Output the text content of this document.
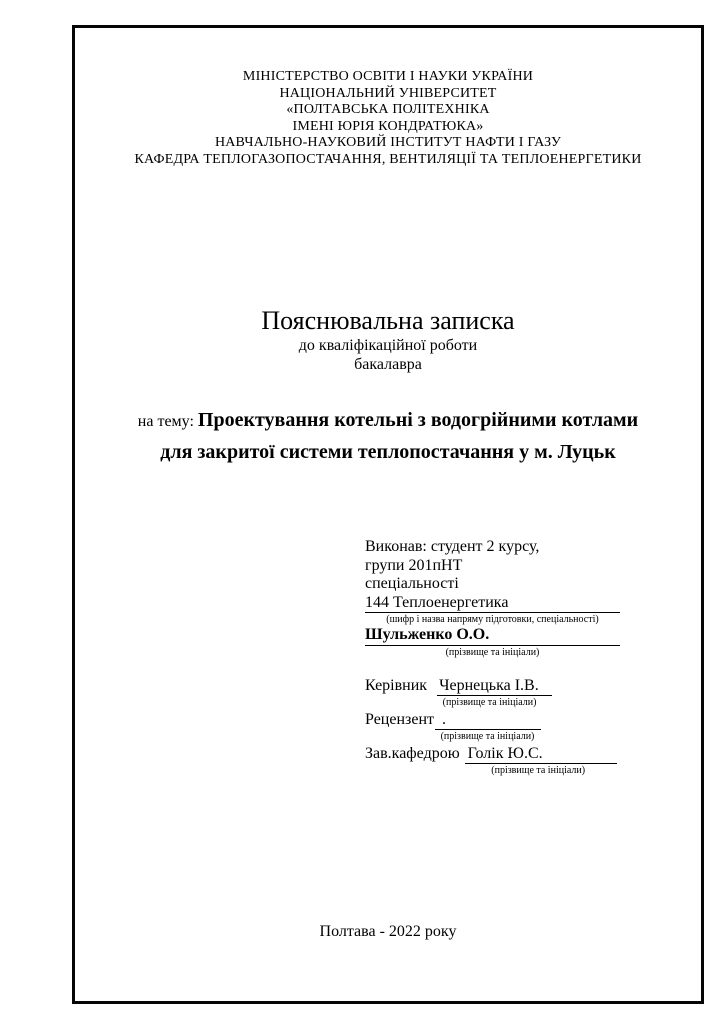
МІНІСТЕРСТВО ОСВІТИ І НАУКИ УКРАЇНИ
НАЦІОНАЛЬНИЙ УНІВЕРСИТЕТ
«ПОЛТАВСЬКА ПОЛІТЕХНІКА
ІМЕНІ ЮРІЯ КОНДРАТЮКА»
НАВЧАЛЬНО-НАУКОВИЙ ІНСТИТУТ НАФТИ І ГАЗУ
КАФЕДРА ТЕПЛОГАЗОПОСТАЧАННЯ, ВЕНТИЛЯЦІЇ ТА ТЕПЛОЕНЕРГЕТИКИ
Пояснювальна записка
до кваліфікаційної роботи
бакалавра
на тему: Проектування котельні з водогрійними котлами
для закритої системи теплопостачання у м. Луцьк
Виконав: студент 2 курсу,
групи 201пНТ
спеціальності
144 Теплоенергетика
(шифр і назва напряму підготовки, спеціальності)
Шульженко О.О.
(прізвище та ініціали)
Керівник Чернецька І.В.
(прізвище та ініціали)
Рецензент .
(прізвище та ініціали)
Зав.кафедрою Голік Ю.С.
(прізвище та ініціали)
Полтава - 2022 року
